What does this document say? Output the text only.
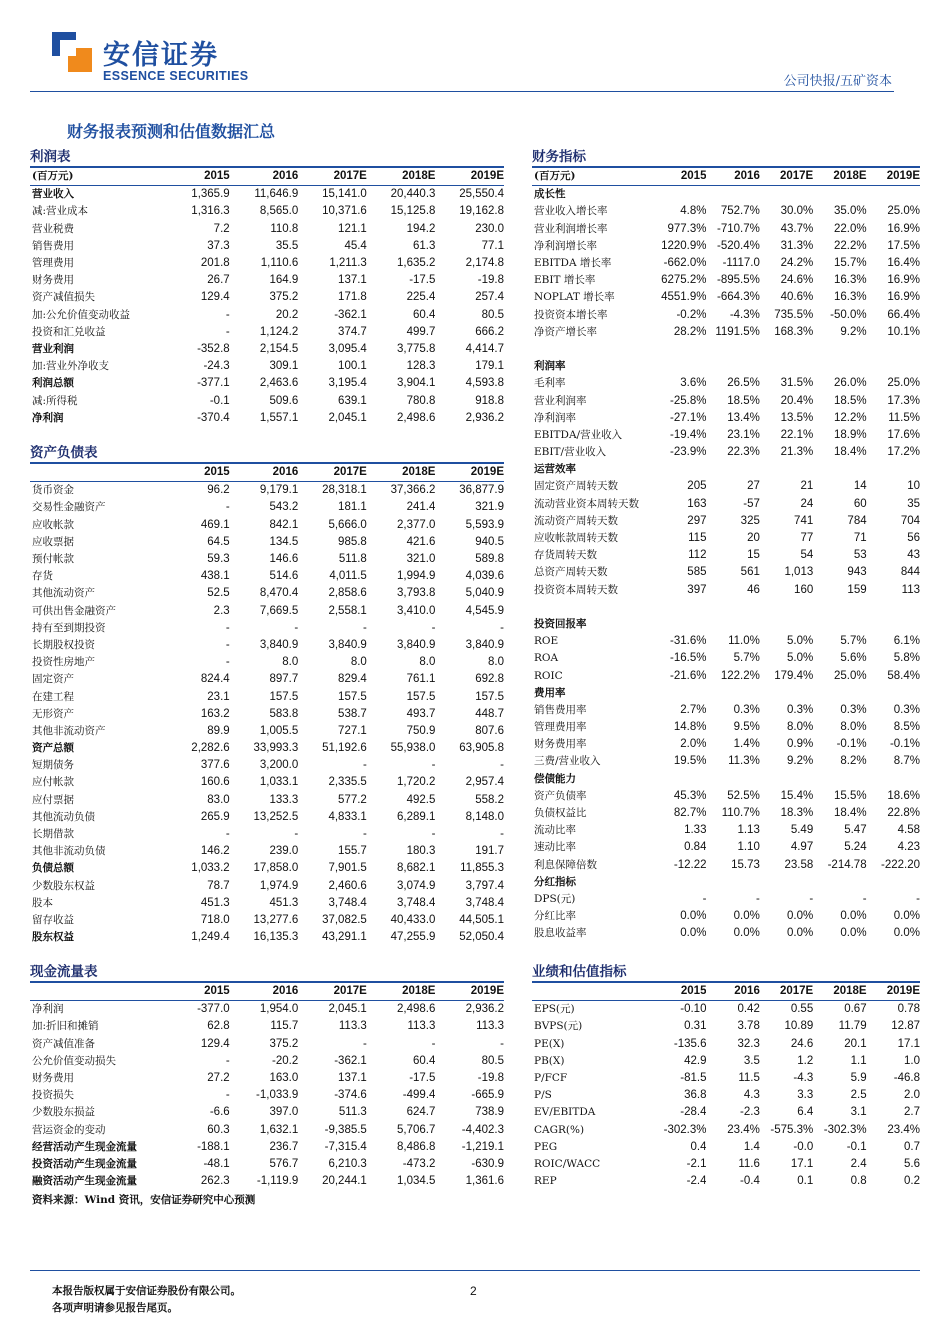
安信证券
ESSENCE SECURITIES	公司快报/五矿资本
财务报表预测和估值数据汇总
利润表
(百万元)	2015	2016	2017E	2018E	2019E
营业收入	1,365.9	11,646.9	15,141.0	20,440.3	25,550.4
减:营业成本	1,316.3	8,565.0	10,371.6	15,125.8	19,162.8
营业税费	7.2	110.8	121.1	194.2	230.0
销售费用	37.3	35.5	45.4	61.3	77.1
管理费用	201.8	1,110.6	1,211.3	1,635.2	2,174.8
财务费用	26.7	164.9	137.1	-17.5	-19.8
资产减值损失	129.4	375.2	171.8	225.4	257.4
加:公允价值变动收益	-	20.2	-362.1	60.4	80.5
投资和汇兑收益	-	1,124.2	374.7	499.7	666.2
营业利润	-352.8	2,154.5	3,095.4	3,775.8	4,414.7
加:营业外净收支	-24.3	309.1	100.1	128.3	179.1
利润总额	-377.1	2,463.6	3,195.4	3,904.1	4,593.8
减:所得税	-0.1	509.6	639.1	780.8	918.8
净利润	-370.4	1,557.1	2,045.1	2,498.6	2,936.2
财务指标
(百万元)	2015	2016	2017E	2018E	2019E
成长性					
营业收入增长率	4.8%	752.7%	30.0%	35.0%	25.0%
营业利润增长率	977.3%	-710.7%	43.7%	22.0%	16.9%
净利润增长率	1220.9%	-520.4%	31.3%	22.2%	17.5%
EBITDA 增长率	-662.0%	-1117.0	24.2%	15.7%	16.4%
EBIT 增长率	6275.2%	-895.5%	24.6%	16.3%	16.9%
NOPLAT 增长率	4551.9%	-664.3%	40.6%	16.3%	16.9%
投资资本增长率	-0.2%	-4.3%	735.5%	-50.0%	66.4%
净资产增长率	28.2%	1191.5%	168.3%	9.2%	10.1%

利润率					
毛利率	3.6%	26.5%	31.5%	26.0%	25.0%
营业利润率	-25.8%	18.5%	20.4%	18.5%	17.3%
净利润率	-27.1%	13.4%	13.5%	12.2%	11.5%
EBITDA/营业收入	-19.4%	23.1%	22.1%	18.9%	17.6%
EBIT/营业收入	-23.9%	22.3%	21.3%	18.4%	17.2%
运营效率					
固定资产周转天数	205	27	21	14	10
流动营业资本周转天数	163	-57	24	60	35
流动资产周转天数	297	325	741	784	704
应收帐款周转天数	115	20	77	71	56
存货周转天数	112	15	54	53	43
总资产周转天数	585	561	1,013	943	844
投资资本周转天数	397	46	160	159	113

投资回报率					
ROE	-31.6%	11.0%	5.0%	5.7%	6.1%
ROA	-16.5%	5.7%	5.0%	5.6%	5.8%
ROIC	-21.6%	122.2%	179.4%	25.0%	58.4%
费用率					
销售费用率	2.7%	0.3%	0.3%	0.3%	0.3%
管理费用率	14.8%	9.5%	8.0%	8.0%	8.5%
财务费用率	2.0%	1.4%	0.9%	-0.1%	-0.1%
三费/营业收入	19.5%	11.3%	9.2%	8.2%	8.7%
偿债能力					
资产负债率	45.3%	52.5%	15.4%	15.5%	18.6%
负债权益比	82.7%	110.7%	18.3%	18.4%	22.8%
流动比率	1.33	1.13	5.49	5.47	4.58
速动比率	0.84	1.10	4.97	5.24	4.23
利息保障倍数	-12.22	15.73	23.58	-214.78	-222.20
分红指标					
DPS(元)	-	-	-	-	-
分红比率	0.0%	0.0%	0.0%	0.0%	0.0%
股息收益率	0.0%	0.0%	0.0%	0.0%	0.0%
资产负债表
	2015	2016	2017E	2018E	2019E
货币资金	96.2	9,179.1	28,318.1	37,366.2	36,877.9
交易性金融资产	-	543.2	181.1	241.4	321.9
应收帐款	469.1	842.1	5,666.0	2,377.0	5,593.9
应收票据	64.5	134.5	985.8	421.6	940.5
预付帐款	59.3	146.6	511.8	321.0	589.8
存货	438.1	514.6	4,011.5	1,994.9	4,039.6
其他流动资产	52.5	8,470.4	2,858.6	3,793.8	5,040.9
可供出售金融资产	2.3	7,669.5	2,558.1	3,410.0	4,545.9
持有至到期投资	-	-	-	-	-
长期股权投资	-	3,840.9	3,840.9	3,840.9	3,840.9
投资性房地产	-	8.0	8.0	8.0	8.0
固定资产	824.4	897.7	829.4	761.1	692.8
在建工程	23.1	157.5	157.5	157.5	157.5
无形资产	163.2	583.8	538.7	493.7	448.7
其他非流动资产	89.9	1,005.5	727.1	750.9	807.6
资产总额	2,282.6	33,993.3	51,192.6	55,938.0	63,905.8
短期债务	377.6	3,200.0	-	-	-
应付帐款	160.6	1,033.1	2,335.5	1,720.2	2,957.4
应付票据	83.0	133.3	577.2	492.5	558.2
其他流动负债	265.9	13,252.5	4,833.1	6,289.1	8,148.0
长期借款	-	-	-	-	-
其他非流动负债	146.2	239.0	155.7	180.3	191.7
负债总额	1,033.2	17,858.0	7,901.5	8,682.1	11,855.3
少数股东权益	78.7	1,974.9	2,460.6	3,074.9	3,797.4
股本	451.3	451.3	3,748.4	3,748.4	3,748.4
留存收益	718.0	13,277.6	37,082.5	40,433.0	44,505.1
股东权益	1,249.4	16,135.3	43,291.1	47,255.9	52,050.4
现金流量表
	2015	2016	2017E	2018E	2019E
净利润	-377.0	1,954.0	2,045.1	2,498.6	2,936.2
加:折旧和摊销	62.8	115.7	113.3	113.3	113.3
资产减值准备	129.4	375.2	-	-	-
公允价值变动损失	-	-20.2	-362.1	60.4	80.5
财务费用	27.2	163.0	137.1	-17.5	-19.8
投资损失	-	-1,033.9	-374.6	-499.4	-665.9
少数股东损益	-6.6	397.0	511.3	624.7	738.9
营运资金的变动	60.3	1,632.1	-9,385.5	5,706.7	-4,402.3
经营活动产生现金流量	-188.1	236.7	-7,315.4	8,486.8	-1,219.1
投资活动产生现金流量	-48.1	576.7	6,210.3	-473.2	-630.9
融资活动产生现金流量	262.3	-1,119.9	20,244.1	1,034.5	1,361.6
业绩和估值指标
	2015	2016	2017E	2018E	2019E
EPS(元)	-0.10	0.42	0.55	0.67	0.78
BVPS(元)	0.31	3.78	10.89	11.79	12.87
PE(X)	-135.6	32.3	24.6	20.1	17.1
PB(X)	42.9	3.5	1.2	1.1	1.0
P/FCF	-81.5	11.5	-4.3	5.9	-46.8
P/S	36.8	4.3	3.3	2.5	2.0
EV/EBITDA	-28.4	-2.3	6.4	3.1	2.7
CAGR(%)	-302.3%	23.4%	-575.3%	-302.3%	23.4%
PEG	0.4	1.4	-0.0	-0.1	0.7
ROIC/WACC	-2.1	11.6	17.1	2.4	5.6
REP	-2.4	-0.4	0.1	0.8	0.2
资料来源：Wind 资讯，安信证券研究中心预测
本报告版权属于安信证券股份有限公司。
各项声明请参见报告尾页。
2
